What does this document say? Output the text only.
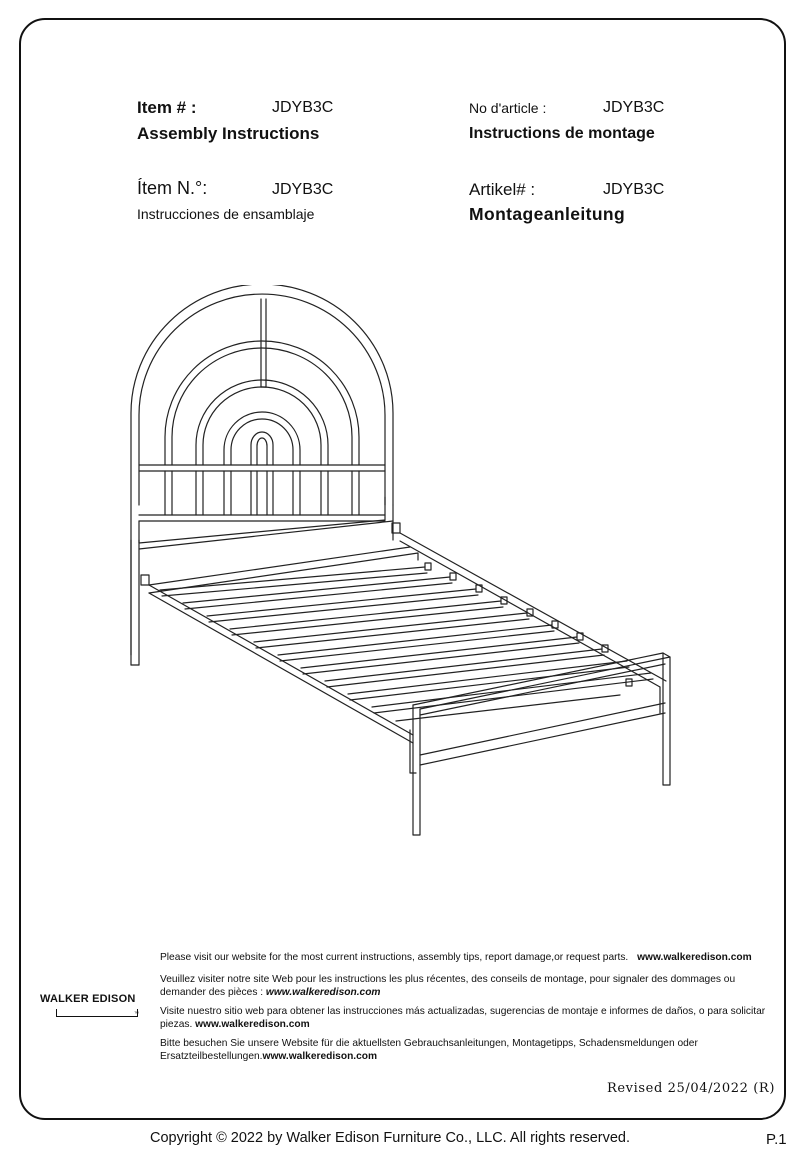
Item # :	JDYB3C
Assembly Instructions
No d'article :	JDYB3C
Instructions de montage
Ítem N.°:	JDYB3C
Instrucciones de ensamblaje
Artikel# :	JDYB3C
Montageanleitung
Please visit our website for the most current instructions, assembly tips, report damage,or request parts. www.walkeredison.com
Veuillez visiter notre site Web pour les instructions les plus récentes, des conseils de montage, pour signaler des dommages ou demander des pièces : www.walkeredison.com
Visite nuestro sitio web para obtener las instrucciones más actualizadas, sugerencias de montaje e informes de daños, o para solicitar piezas. www.walkeredison.com
Bitte besuchen Sie unsere Website für die aktuellsten Gebrauchsanleitungen, Montagetipps, Schadensmeldungen oder Ersatzteilbestellungen.www.walkeredison.com
WALKER EDISON
™
Revised 25/04/2022 (R)
Copyright © 2022 by Walker Edison Furniture Co., LLC. All rights reserved.	P.1
